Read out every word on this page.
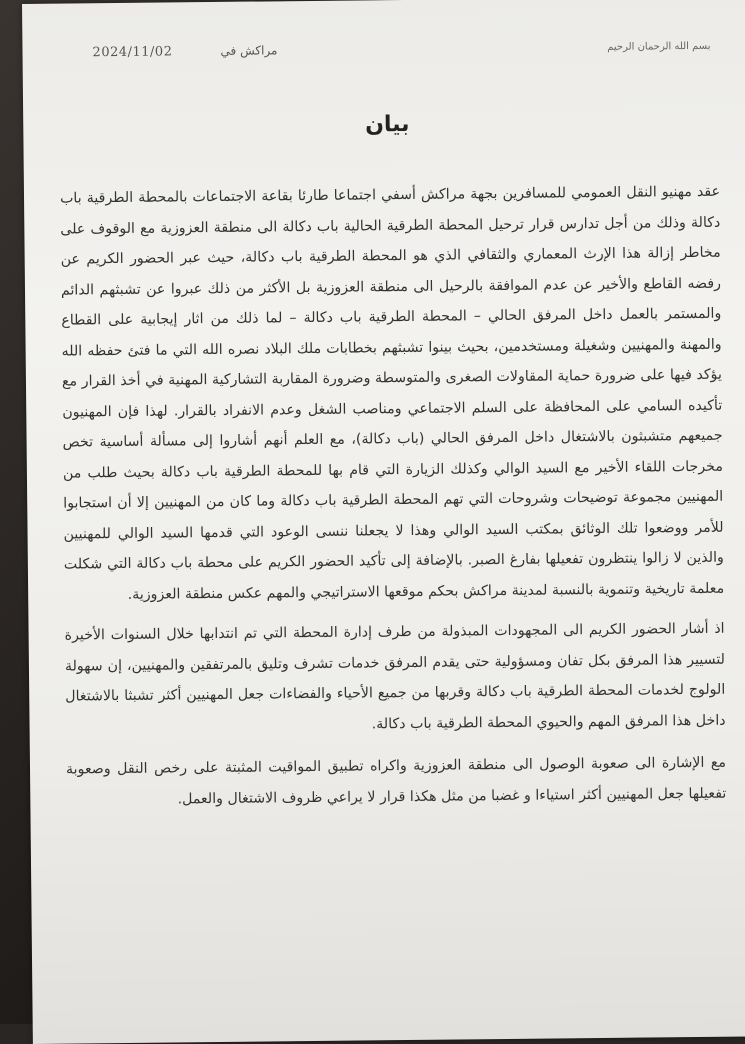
2024/11/02	مراكش في	بسم الله الرحمان الرحيم
بيان

عقد مهنيو النقل العمومي للمسافرين بجهة مراكش أسفي اجتماعا طارئا بقاعة الاجتماعات بالمحطة الطرقية باب دكالة وذلك من أجل تدارس قرار ترحيل المحطة الطرقية الحالية باب دكالة الى منطقة العزوزية مع الوقوف على مخاطر إزالة هذا الإرث المعماري والثقافي الذي هو المحطة الطرقية باب دكالة، حيث عبر الحضور الكريم عن رفضه القاطع والأخير عن عدم الموافقة بالرحيل الى منطقة العزوزية بل الأكثر من ذلك عبروا عن تشبثهم الدائم والمستمر بالعمل داخل المرفق الحالي – المحطة الطرقية باب دكالة – لما ذلك من اثار إيجابية على القطاع والمهنة والمهنيين وشغيلة ومستخدمين، بحيث بينوا تشبثهم بخطابات ملك البلاد نصره الله التي ما فتئ حفظه الله يؤكد فيها على ضرورة حماية المقاولات الصغرى والمتوسطة وضرورة المقاربة التشاركية المهنية في أخذ القرار مع تأكيده السامي على المحافظة على السلم الاجتماعي ومناصب الشغل وعدم الانفراد بالقرار. لهذا فإن المهنيون جميعهم متشبثون بالاشتغال داخل المرفق الحالي (باب دكالة)، مع العلم أنهم أشاروا إلى مسألة أساسية تخص مخرجات اللقاء الأخير مع السيد الوالي وكذلك الزيارة التي قام بها للمحطة الطرقية باب دكالة بحيث طلب من المهنيين مجموعة توضيحات وشروحات التي تهم المحطة الطرقية باب دكالة وما كان من المهنيين إلا أن استجابوا للأمر ووضعوا تلك الوثائق بمكتب السيد الوالي وهذا لا يجعلنا ننسى الوعود التي قدمها السيد الوالي للمهنيين والذين لا زالوا ينتظرون تفعيلها بفارغ الصبر. بالإضافة إلى تأكيد الحضور الكريم على محطة باب دكالة التي شكلت معلمة تاريخية وتنموية بالنسبة لمدينة مراكش بحكم موقعها الاستراتيجي والمهم عكس منطقة العزوزية.

اذ أشار الحضور الكريم الى المجهودات المبذولة من طرف إدارة المحطة التي تم انتدابها خلال السنوات الأخيرة لتسيير هذا المرفق بكل تفان ومسؤولية حتى يقدم المرفق خدمات تشرف وتليق بالمرتفقين والمهنيين، إن سهولة الولوج لخدمات المحطة الطرقية باب دكالة وقربها من جميع الأحياء والفضاءات جعل المهنيين أكثر تشبثا بالاشتغال داخل هذا المرفق المهم والحيوي المحطة الطرقية باب دكالة.

مع الإشارة الى صعوبة الوصول الى منطقة العزوزية واكراه تطبيق المواقيت المثبتة على رخص النقل وصعوبة تفعيلها جعل المهنيين أكثر استياءا و غضبا من مثل هكذا قرار لا يراعي ظروف الاشتغال والعمل.
